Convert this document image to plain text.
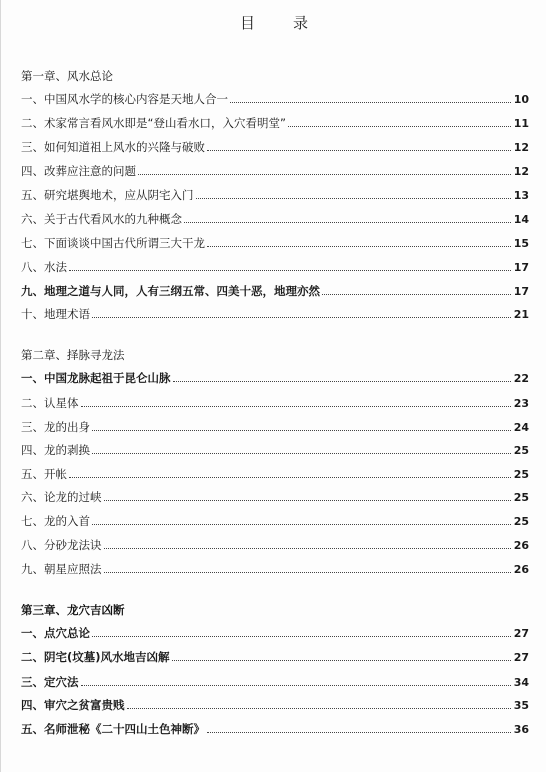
目录
第一章、风水总论
一、中国风水学的核心内容是天地人合一	10
二、术家常言看风水即是“登山看水口，入穴看明堂”	11
三、如何知道祖上风水的兴隆与破败	12
四、改葬应注意的问题	12
五、研究堪舆地术，应从阴宅入门	13
六、关于古代看风水的九种概念	14
七、下面谈谈中国古代所谓三大干龙	15
八、水法	17
九、地理之道与人同，人有三纲五常、四美十恶，地理亦然	17
十、地理术语	21
第二章、择脉寻龙法
一、中国龙脉起祖于昆仑山脉	22
二、认星体	23
三、龙的出身	24
四、龙的剥换	25
五、开帐	25
六、论龙的过峡	25
七、龙的入首	25
八、分砂龙法诀	26
九、朝星应照法	26
第三章、龙穴吉凶断
一、点穴总论	27
二、阴宅(坟墓)风水地吉凶解	27
三、定穴法	34
四、审穴之贫富贵贱	35
五、名师泄秘《二十四山土色神断》	36
